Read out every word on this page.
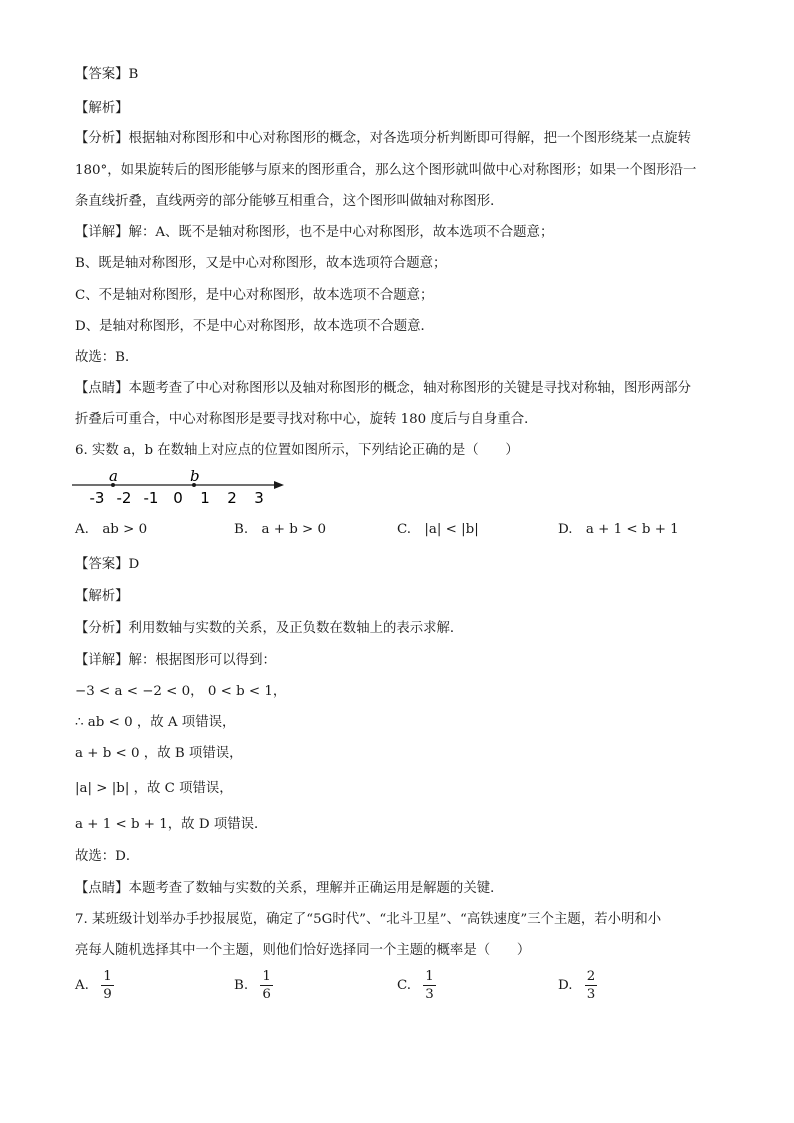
【答案】B
【解析】
【分析】根据轴对称图形和中心对称图形的概念，对各选项分析判断即可得解，把一个图形绕某一点旋转
180°，如果旋转后的图形能够与原来的图形重合，那么这个图形就叫做中心对称图形；如果一个图形沿一
条直线折叠，直线两旁的部分能够互相重合，这个图形叫做轴对称图形．
【详解】解：A、既不是轴对称图形，也不是中心对称图形，故本选项不合题意；
B、既是轴对称图形，又是中心对称图形，故本选项符合题意；
C、不是轴对称图形，是中心对称图形，故本选项不合题意；
D、是轴对称图形，不是中心对称图形，故本选项不合题意．
故选：B．
【点睛】本题考查了中心对称图形以及轴对称图形的概念，轴对称图形的关键是寻找对称轴，图形两部分
折叠后可重合，中心对称图形是要寻找对称中心，旋转 180 度后与自身重合．
6. 实数 a，b 在数轴上对应点的位置如图所示，下列结论正确的是（　　）
a	b
-3 -2 -1 0 1 2 3
A.　ab > 0	B.　a + b > 0	C.　|a| < |b|	D.　a + 1 < b + 1
【答案】D
【解析】
【分析】利用数轴与实数的关系，及正负数在数轴上的表示求解．
【详解】解：根据图形可以得到：
−3 < a < −2 < 0， 0 < b < 1，
∴ ab < 0 ，故 A 项错误，
a + b < 0 ，故 B 项错误，
|a| > |b| ，故 C 项错误，
a + 1 < b + 1，故 D 项错误．
故选：D．
【点睛】本题考查了数轴与实数的关系，理解并正确运用是解题的关键．
7. 某班级计划举办手抄报展览，确定了“5G时代”、“北斗卫星”、“高铁速度”三个主题，若小明和小
亮每人随机选择其中一个主题，则他们恰好选择同一个主题的概率是（　　）
A. $\frac{1}{9}$	B. $\frac{1}{6}$	C. $\frac{1}{3}$	D. $\frac{2}{3}$
